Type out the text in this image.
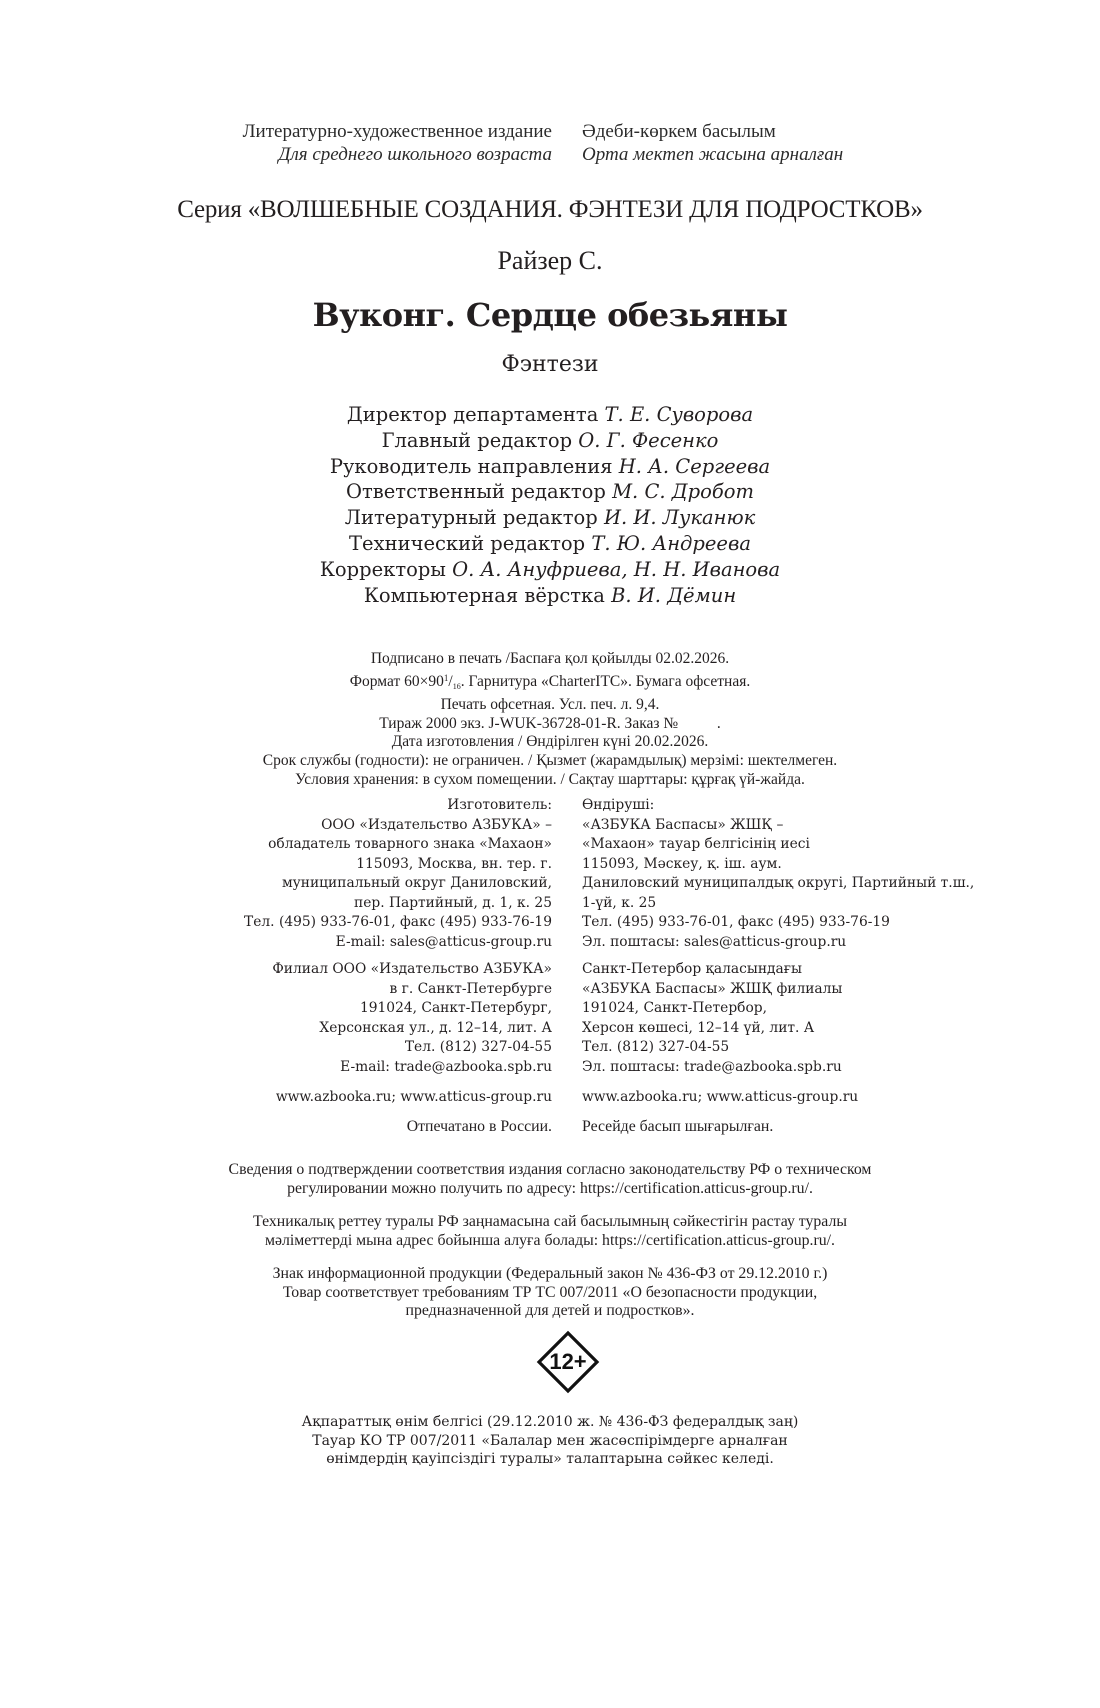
Литературно-художественное издание
Для среднего школьного возраста
Әдеби-көркем басылым
Орта мектеп жасына арналған
Серия «ВОЛШЕБНЫЕ СОЗДАНИЯ. ФЭНТЕЗИ ДЛЯ ПОДРОСТКОВ»
Райзер С.
Вуконг. Сердце обезьяны
Фэнтези
Директор департамента Т. Е. Суворова
Главный редактор О. Г. Фесенко
Руководитель направления Н. А. Сергеева
Ответственный редактор М. С. Дробот
Литературный редактор И. И. Луканюк
Технический редактор Т. Ю. Андреева
Корректоры О. А. Ануфриева, Н. Н. Иванова
Компьютерная вёрстка В. И. Дёмин
Подписано в печать /Баспаға қол қойылды 02.02.2026.
Формат $60\times 90^1/_{16}$. Гарнитура «CharterITC». Бумага офсетная.
Печать офсетная. Усл. печ. л. 9,4.
Тираж 2000 экз. J-WUK-36728-01-R. Заказ №          .
Дата изготовления / Өндірілген күні 20.02.2026.
Срок службы (годности): не ограничен. / Қызмет (жарамдылық) мерзімі: шектелмеген.
Условия хранения: в сухом помещении. / Сақтау шарттары: құрғақ үй-жайда.
Изготовитель:
ООО «Издательство АЗБУКА» –
обладатель товарного знака «Махаон»
115093, Москва, вн. тер. г.
муниципальный округ Даниловский,
пер. Партийный, д. 1, к. 25
Тел. (495) 933-76-01, факс (495) 933-76-19
E-mail: sales@atticus-group.ru
Өндіруші:
«АЗБУКА Баспасы» ЖШҚ –
«Махаон» тауар белгісінің иесі
115093, Мәскеу, қ. іш. аум.
Даниловский муниципалдық округі, Партийный т.ш.,
1-үй, к. 25
Тел. (495) 933-76-01, факс (495) 933-76-19
Эл. поштасы: sales@atticus-group.ru
Филиал ООО «Издательство АЗБУКА»
в г. Санкт-Петербурге
191024, Санкт-Петербург,
Херсонская ул., д. 12–14, лит. А
Тел. (812) 327-04-55
E-mail: trade@azbooka.spb.ru
Санкт-Петербор қаласындағы
«АЗБУКА Баспасы» ЖШҚ филиалы
191024, Санкт-Петербор,
Херсон көшесі, 12–14 үй, лит. А
Тел. (812) 327-04-55
Эл. поштасы: trade@azbooka.spb.ru
www.azbooka.ru; www.atticus-group.ru www.azbooka.ru; www.atticus-group.ru
Отпечатано в России. Ресейде басып шығарылған.
Сведения о подтверждении соответствия издания согласно законодательству РФ о техническом
регулировании можно получить по адресу: https://certification.atticus-group.ru/.
Техникалық реттеу туралы РФ заңнамасына сай басылымның сәйкестігін растау туралы
мәліметтерді мына адрес бойынша алуға болады: https://certification.atticus-group.ru/.
Знак информационной продукции (Федеральный закон № 436-ФЗ от 29.12.2010 г.)
Товар соответствует требованиям ТР ТС 007/2011 «О безопасности продукции,
предназначенной для детей и подростков».
12+
Ақпараттық өнім белгісі (29.12.2010 ж. № 436-ФЗ федералдық заң)
Тауар КО ТР 007/2011 «Балалар мен жасөспірімдерге арналған
өнімдердің қауіпсіздігі туралы» талаптарына сәйкес келеді.
